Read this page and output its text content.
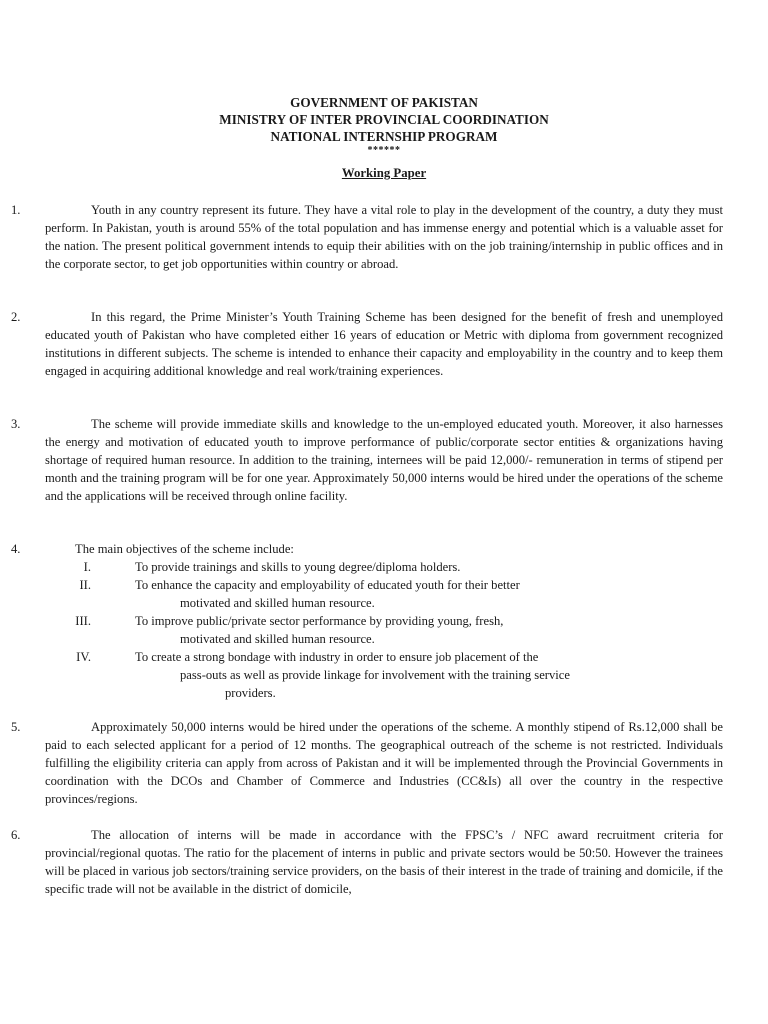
GOVERNMENT OF PAKISTAN
MINISTRY OF INTER PROVINCIAL COORDINATION
NATIONAL INTERNSHIP PROGRAM
******
Working Paper
1.	Youth in any country represent its future. They have a vital role to play in the development of the country, a duty they must perform. In Pakistan, youth is around 55% of the total population and has immense energy and potential which is a valuable asset for the nation. The present political government intends to equip their abilities with on the job training/internship in public offices and in the corporate sector, to get job opportunities within country or abroad.
2.	In this regard, the Prime Minister’s Youth Training Scheme has been designed for the benefit of fresh and unemployed educated youth of Pakistan who have completed either 16 years of education or Metric with diploma from government recognized institutions in different subjects. The scheme is intended to enhance their capacity and employability in the country and to keep them engaged in acquiring additional knowledge and real work/training experiences.
3.	The scheme will provide immediate skills and knowledge to the un-employed educated youth. Moreover, it also harnesses the energy and motivation of educated youth to improve performance of public/corporate sector entities & organizations having shortage of required human resource. In addition to the training, internees will be paid 12,000/- remuneration in terms of stipend per month and the training program will be for one year. Approximately 50,000 interns would be hired under the operations of the scheme and the applications will be received through online facility.
4.	The main objectives of the scheme include:
I.	To provide trainings and skills to young degree/diploma holders.
II.	To enhance the capacity and employability of educated youth for their better
motivated and skilled human resource.
III.	To improve public/private sector performance by providing young, fresh,
motivated and skilled human resource.
IV.	To create a strong bondage with industry in order to ensure job placement of the
pass-outs as well as provide linkage for involvement with the training service
providers.
5.	Approximately 50,000 interns would be hired under the operations of the scheme. A monthly stipend of Rs.12,000 shall be paid to each selected applicant for a period of 12 months. The geographical outreach of the scheme is not restricted. Individuals fulfilling the eligibility criteria can apply from across of Pakistan and it will be implemented through the Provincial Governments in coordination with the DCOs and Chamber of Commerce and Industries (CC&Is) all over the country in the respective provinces/regions.
6.	The allocation of interns will be made in accordance with the FPSC’s / NFC award recruitment criteria for provincial/regional quotas. The ratio for the placement of interns in public and private sectors would be 50:50. However the trainees will be placed in various job sectors/training service providers, on the basis of their interest in the trade of training and domicile, if the specific trade will not be available in the district of domicile,
